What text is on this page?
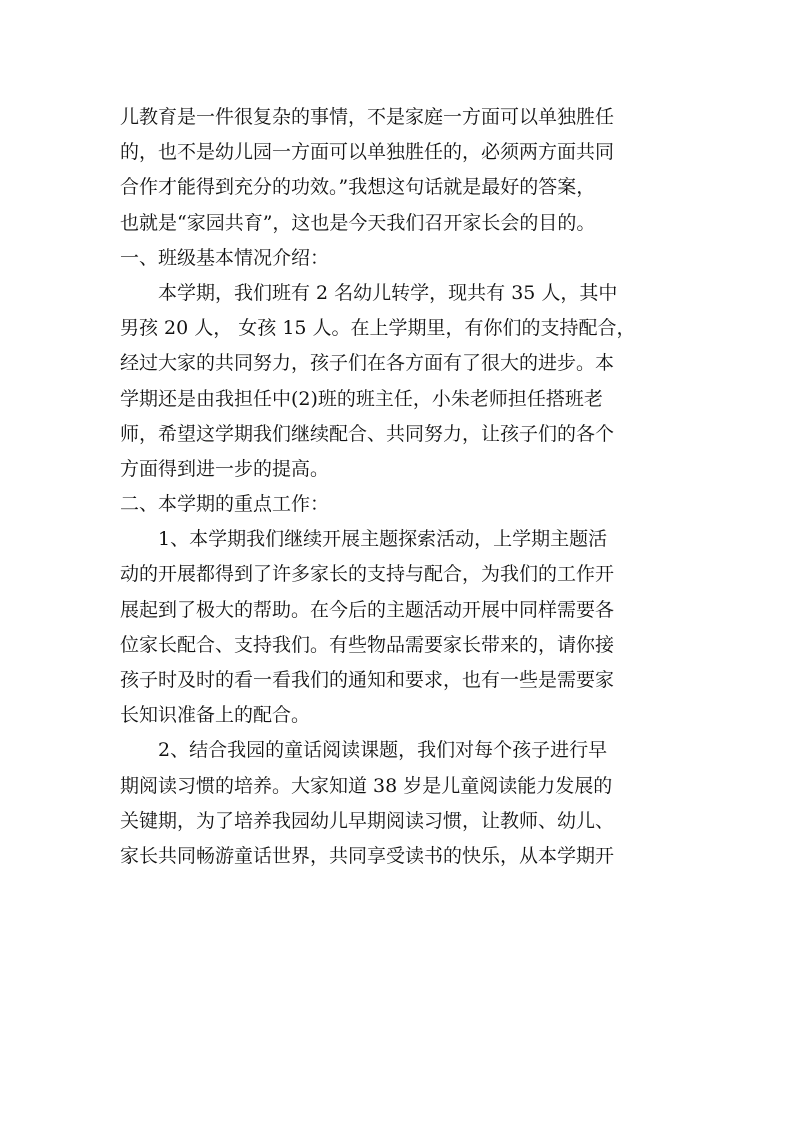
儿教育是一件很复杂的事情，不是家庭一方面可以单独胜任
的，也不是幼儿园一方面可以单独胜任的，必须两方面共同
合作才能得到充分的功效。”我想这句话就是最好的答案，
也就是“家园共育”，这也是今天我们召开家长会的目的。
一、班级基本情况介绍：
本学期，我们班有 2 名幼儿转学，现共有 35 人，其中
男孩 20 人， 女孩 15 人。在上学期里，有你们的支持配合，
经过大家的共同努力，孩子们在各方面有了很大的进步。本
学期还是由我担任中(2)班的班主任，小朱老师担任搭班老
师，希望这学期我们继续配合、共同努力，让孩子们的各个
方面得到进一步的提高。
二、本学期的重点工作：
1、本学期我们继续开展主题探索活动，上学期主题活
动的开展都得到了许多家长的支持与配合，为我们的工作开
展起到了极大的帮助。在今后的主题活动开展中同样需要各
位家长配合、支持我们。有些物品需要家长带来的，请你接
孩子时及时的看一看我们的通知和要求，也有一些是需要家
长知识准备上的配合。
2、结合我园的童话阅读课题，我们对每个孩子进行早
期阅读习惯的培养。大家知道 38 岁是儿童阅读能力发展的
关键期，为了培养我园幼儿早期阅读习惯，让教师、幼儿、
家长共同畅游童话世界，共同享受读书的快乐，从本学期开
